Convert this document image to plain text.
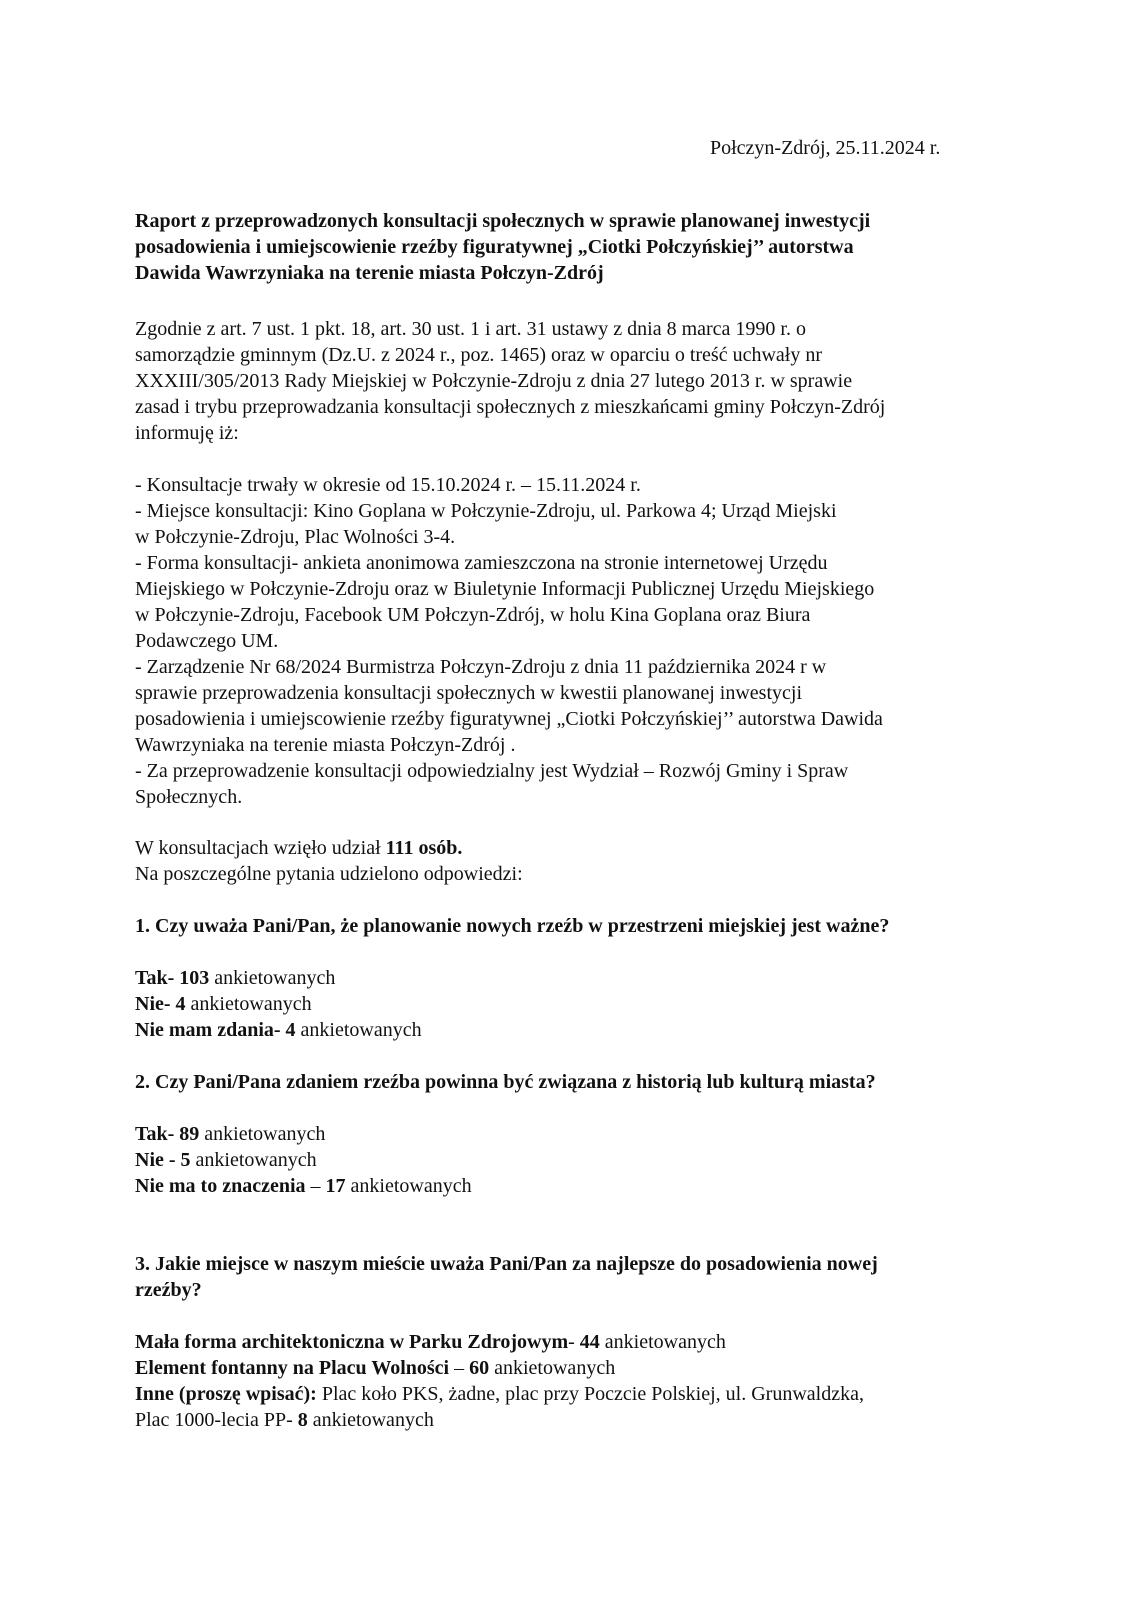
Połczyn-Zdrój, 25.11.2024 r.

Raport z przeprowadzonych konsultacji społecznych w sprawie planowanej inwestycji

posadowienia i umiejscowienie rzeźby figuratywnej „Ciotki Połczyńskiej’’ autorstwa

Dawida Wawrzyniaka na terenie miasta Połczyn-Zdrój

Zgodnie z art. 7 ust. 1 pkt. 18, art. 30 ust. 1 i art. 31 ustawy z dnia 8 marca 1990 r. o

samorządzie gminnym (Dz.U. z 2024 r., poz. 1465) oraz w oparciu o treść uchwały nr

XXXIII/305/2013 Rady Miejskiej w Połczynie-Zdroju z dnia 27 lutego 2013 r. w sprawie

zasad i trybu przeprowadzania konsultacji społecznych z mieszkańcami gminy Połczyn-Zdrój

informuję iż:

- Konsultacje trwały w okresie od 15.10.2024 r. – 15.11.2024 r.

- Miejsce konsultacji: Kino Goplana w Połczynie-Zdroju, ul. Parkowa 4; Urząd Miejski

w Połczynie-Zdroju, Plac Wolności 3-4.

- Forma konsultacji- ankieta anonimowa zamieszczona na stronie internetowej Urzędu

Miejskiego w Połczynie-Zdroju oraz w Biuletynie Informacji Publicznej Urzędu Miejskiego

w Połczynie-Zdroju, Facebook UM Połczyn-Zdrój, w holu Kina Goplana oraz Biura

Podawczego UM.

- Zarządzenie Nr 68/2024 Burmistrza Połczyn-Zdroju z dnia 11 października 2024 r w

sprawie przeprowadzenia konsultacji społecznych w kwestii planowanej inwestycji

posadowienia i umiejscowienie rzeźby figuratywnej „Ciotki Połczyńskiej’’ autorstwa Dawida

Wawrzyniaka na terenie miasta Połczyn-Zdrój .

- Za przeprowadzenie konsultacji odpowiedzialny jest Wydział – Rozwój Gminy i Spraw

Społecznych.

W konsultacjach wzięło udział 111 osób.

Na poszczególne pytania udzielono odpowiedzi:

1. Czy uważa Pani/Pan, że planowanie nowych rzeźb w przestrzeni miejskiej jest ważne?

Tak- 103 ankietowanych

Nie- 4 ankietowanych

Nie mam zdania- 4 ankietowanych

2. Czy Pani/Pana zdaniem rzeźba powinna być związana z historią lub kulturą miasta?

Tak- 89 ankietowanych

Nie - 5 ankietowanych

Nie ma to znaczenia – 17 ankietowanych

3. Jakie miejsce w naszym mieście uważa Pani/Pan za najlepsze do posadowienia nowej

rzeźby?

Mała forma architektoniczna w Parku Zdrojowym- 44 ankietowanych

Element fontanny na Placu Wolności – 60 ankietowanych

Inne (proszę wpisać): Plac koło PKS, żadne, plac przy Poczcie Polskiej, ul. Grunwaldzka,

Plac 1000-lecia PP- 8 ankietowanych
